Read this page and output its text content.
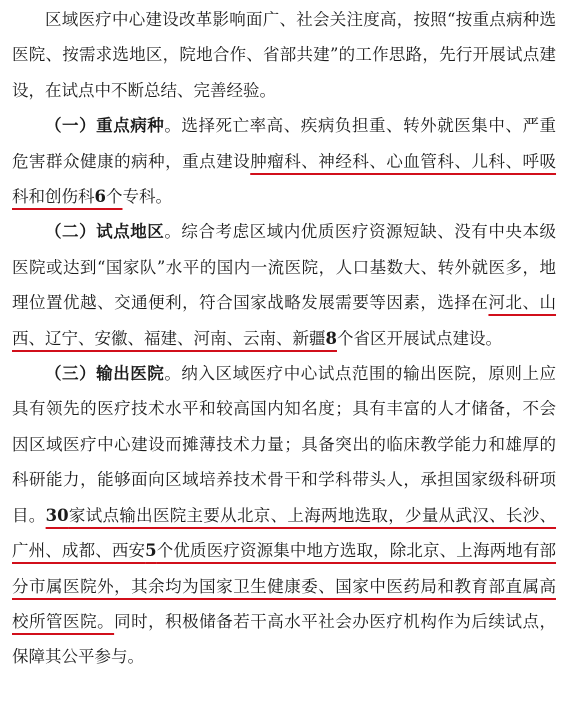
区域医疗中心建设改革影响面广、社会关注度高，按照“按重点病种选医院、按需求选地区，院地合作、省部共建”的工作思路，先行开展试点建设，在试点中不断总结、完善经验。

（一）重点病种。选择死亡率高、疾病负担重、转外就医集中、严重危害群众健康的病种，重点建设肿瘤科、神经科、心血管科、儿科、呼吸科和创伤科6个专科。

（二）试点地区。综合考虑区域内优质医疗资源短缺、没有中央本级医院或达到“国家队”水平的国内一流医院，人口基数大、转外就医多，地理位置优越、交通便利，符合国家战略发展需要等因素，选择在河北、山西、辽宁、安徽、福建、河南、云南、新疆8个省区开展试点建设。

（三）输出医院。纳入区域医疗中心试点范围的输出医院，原则上应具有领先的医疗技术水平和较高国内知名度；具有丰富的人才储备，不会因区域医疗中心建设而摊薄技术力量；具备突出的临床教学能力和雄厚的科研能力，能够面向区域培养技术骨干和学科带头人，承担国家级科研项目。30家试点输出医院主要从北京、上海两地选取，少量从武汉、长沙、广州、成都、西安5个优质医疗资源集中地方选取，除北京、上海两地有部分市属医院外，其余均为国家卫生健康委、国家中医药局和教育部直属高校所管医院。同时，积极储备若干高水平社会办医疗机构作为后续试点，保障其公平参与。
